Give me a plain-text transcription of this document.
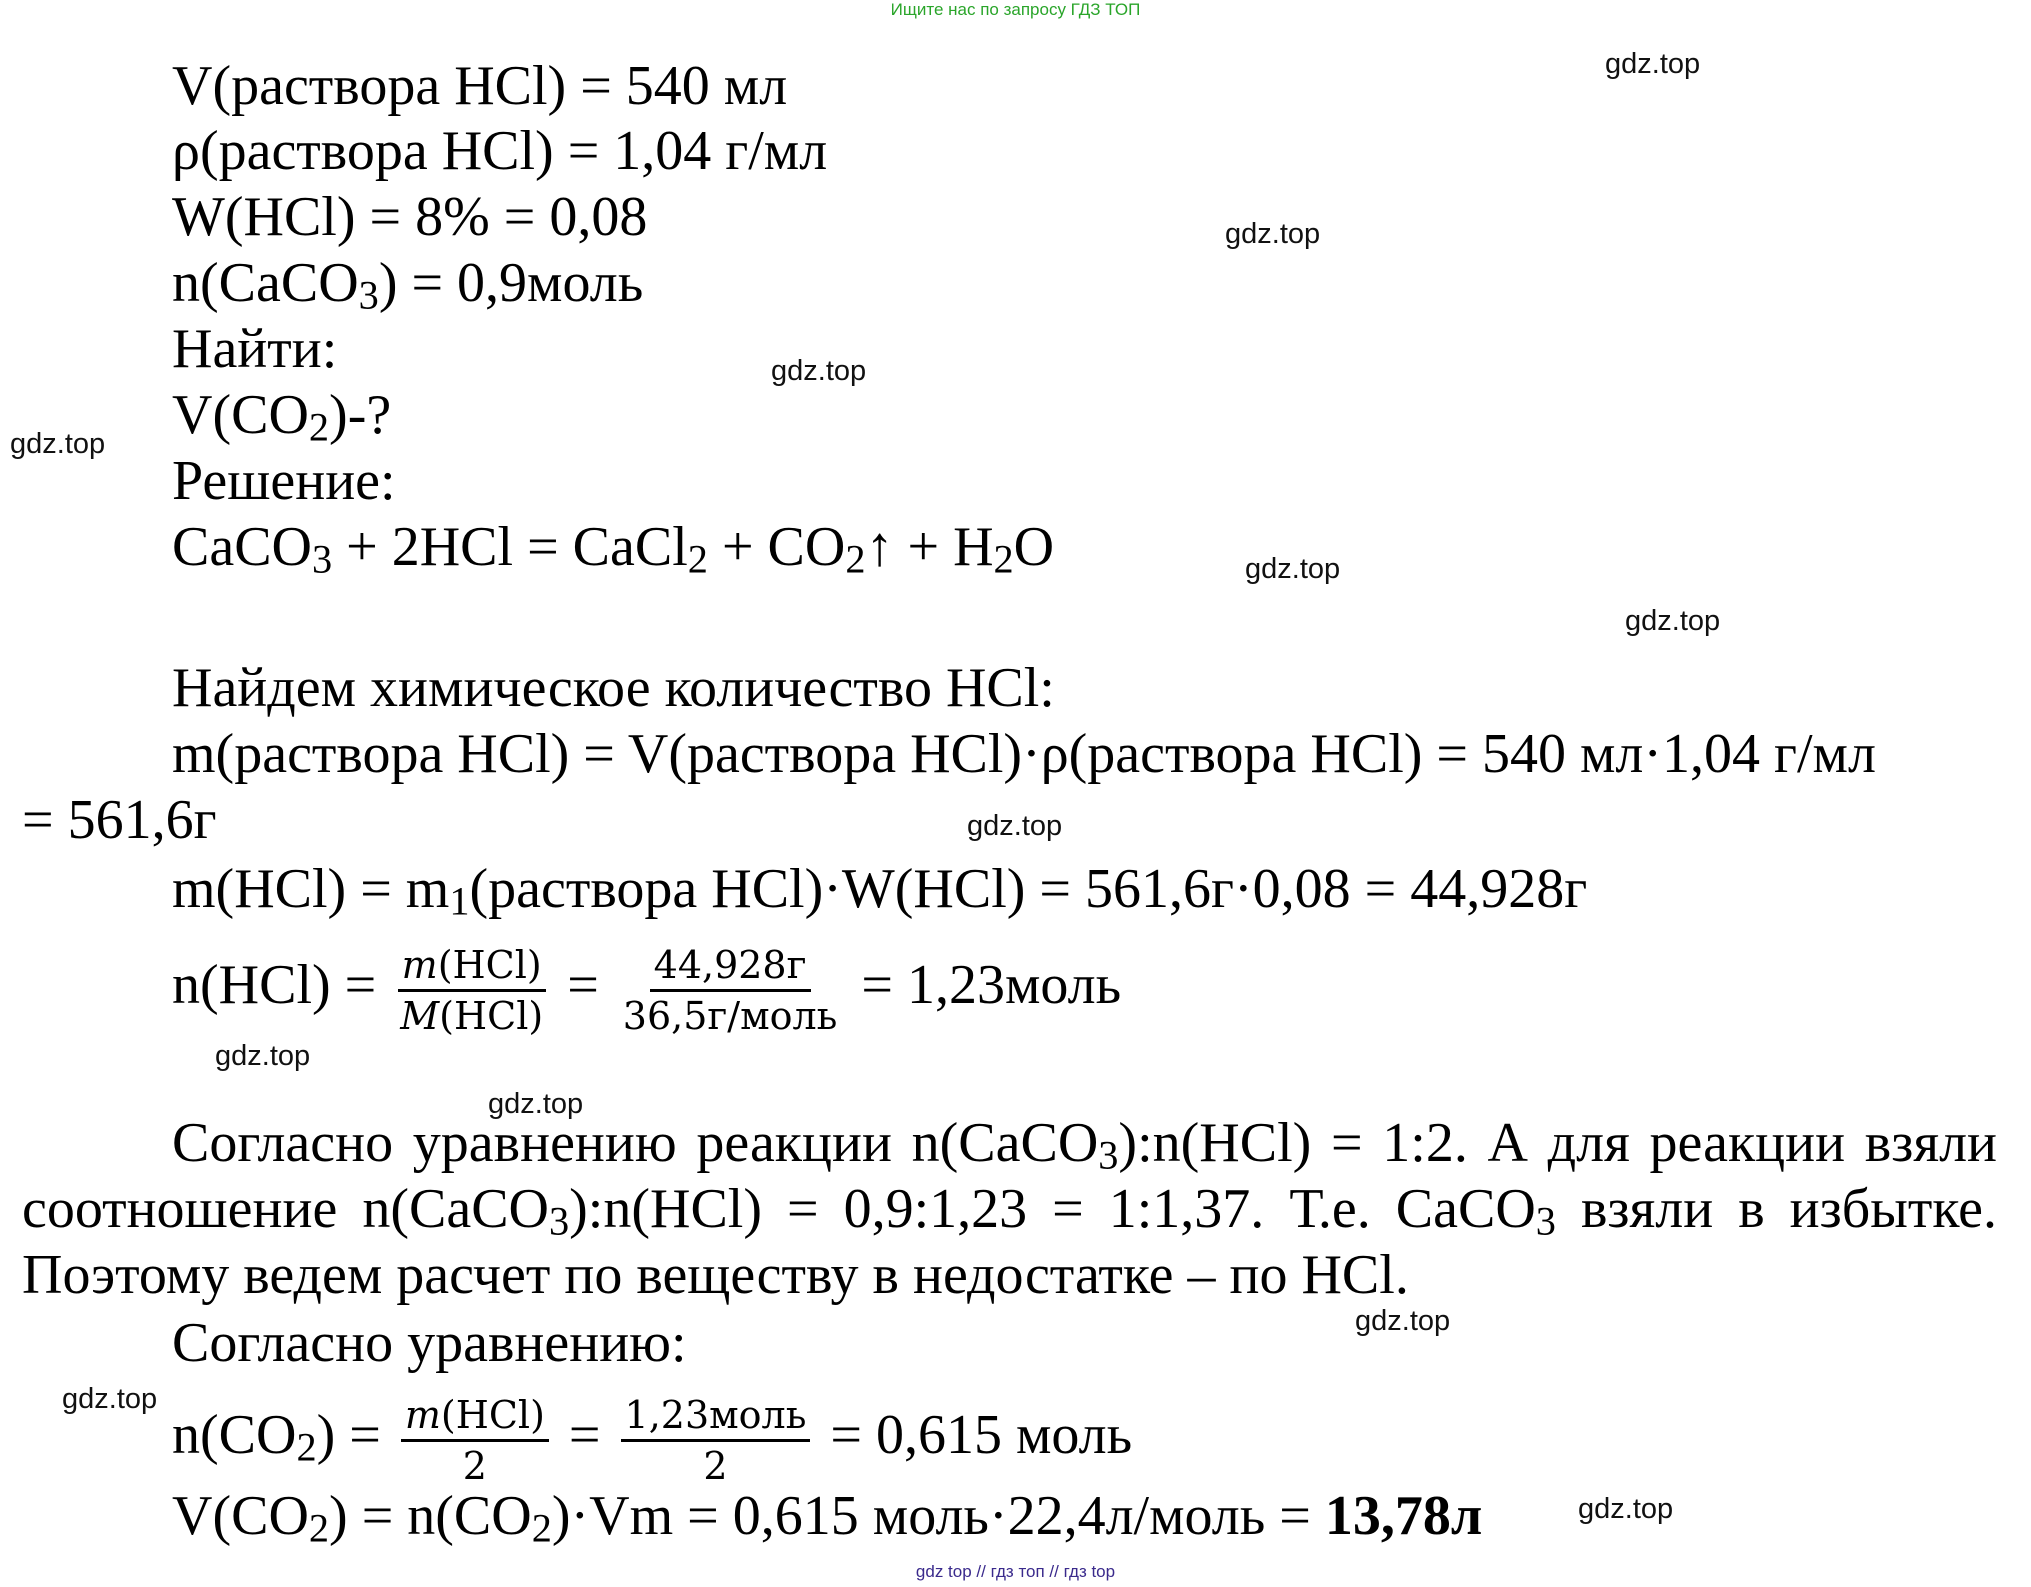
Ищите нас по запросу ГДЗ ТОП
V(раствора HCl) = 540 мл
ρ(раствора HCl) = 1,04 г/мл
W(HCl) = 8% = 0,08
n(CaCO$_3$) = 0,9моль
Найти:
$V(CO_2)-$?
Решение:
CaCO$_3$ + 2HCl = CaCl$_2$ + $CO_2↑ + H_2O$
Найдем химическое количество HCl:
m(раствора HCl) = V(раствора HCl)·ρ(раствора HCl) = 540 мл·1,04 г/мл
= 561,6г
$m(HCl) = m_1(раствора$ HCl)·W(HCl) = 561,6г·0,08 = 44,928г
$n(HCl) = \frac{\text{m(HCl)}}{\text{M(HCl)}} = \frac{44,928г}{\text{36,5г/моль}}$ = 1,23моль
Согласно уравнению реакции n(CaCO$_3$):n(HCl) = 1:2. А для реакции взяли соотношение n(CaCO$_3$):n(HCl) = 0,9:1,23 = 1:1,37. Т.е. CaCO$_3$ взяли в избытке. Поэтому ведем расчет по веществу в недостатке – по HCl.
Согласно уравнению:
$n(CO_2) = \frac{\text{m(HCl)}}{2} = \frac{\text{1,23моль}}{2} = 0,615$ моль
$V(CO_2) = n(CO_2)\cdot Vm = 0,615$ моль·22,4л/моль = 13,78л
gdz.top
gdz.top
gdz.top
gdz.top
gdz.top
gdz.top
gdz.top
gdz.top
gdz.top
gdz.top
gdz.top
gdz.top
gdz top // гдз топ // гдз top
